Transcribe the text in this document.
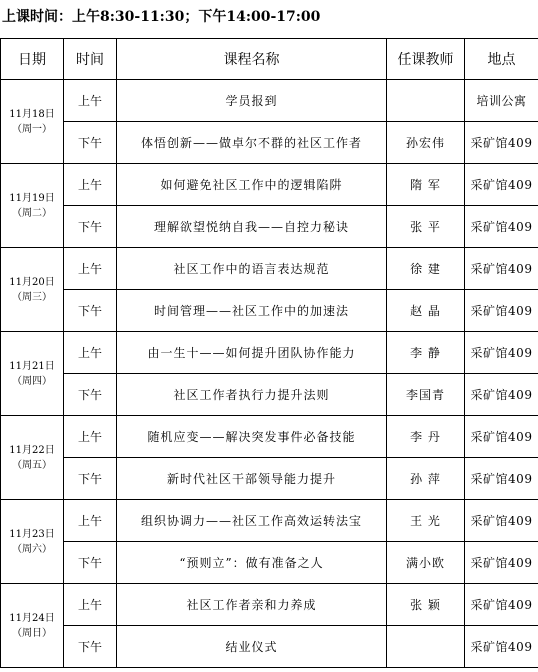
上课时间：上午8:30-11:30；下午14:00-17:00
日期	时间	课程名称	任课教师	地点

11月18日
（周一）	上午	学员报到		培训公寓
	下午	体悟创新——做卓尔不群的社区工作者	孙宏伟	采矿馆409

11月19日
（周二）	上午	如何避免社区工作中的逻辑陷阱	隋 军	采矿馆409
	下午	理解欲望悦纳自我——自控力秘诀	张 平	采矿馆409

11月20日
（周三）	上午	社区工作中的语言表达规范	徐 建	采矿馆409
	下午	时间管理——社区工作中的加速法	赵 晶	采矿馆409

11月21日
（周四）	上午	由一生十——如何提升团队协作能力	李 静	采矿馆409
	下午	社区工作者执行力提升法则	李国青	采矿馆409

11月22日
（周五）	上午	随机应变——解决突发事件必备技能	李 丹	采矿馆409
	下午	新时代社区干部领导能力提升	孙 萍	采矿馆409

11月23日
（周六）	上午	组织协调力——社区工作高效运转法宝	王 光	采矿馆409
	下午	“预则立”：做有准备之人	满小欧	采矿馆409

11月24日
（周日）	上午	社区工作者亲和力养成	张 颖	采矿馆409
	下午	结业仪式		采矿馆409
